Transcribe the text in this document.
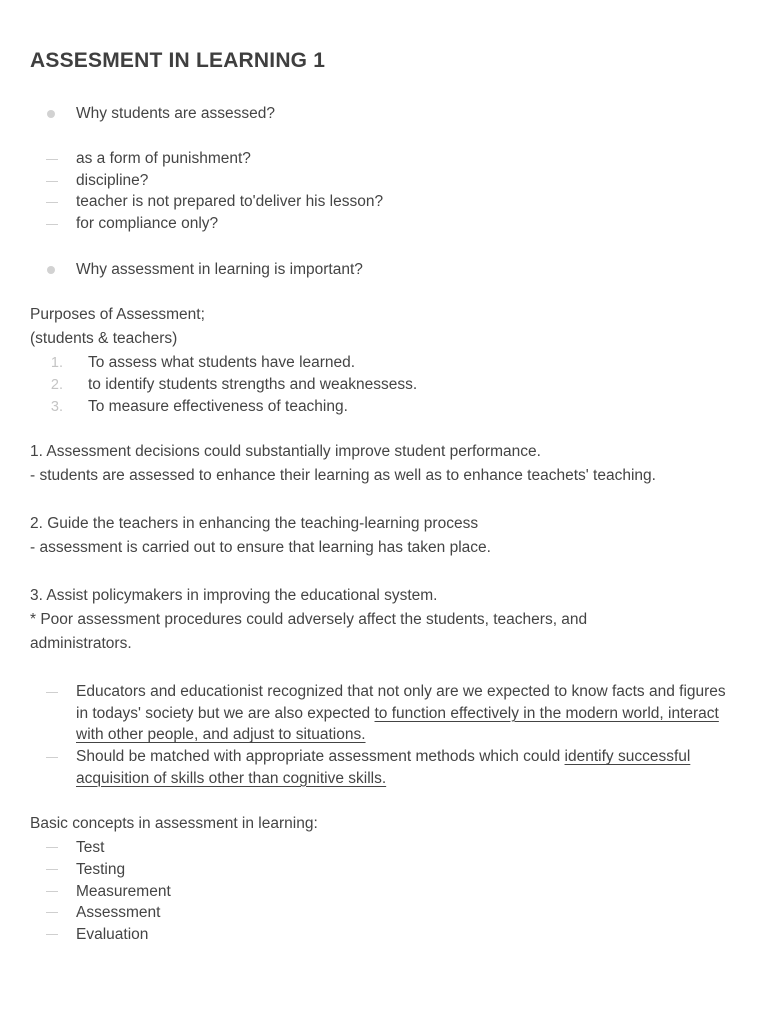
ASSESMENT IN LEARNING 1
Why students are assessed?
as a form of punishment?
discipline?
teacher is not prepared to'deliver his lesson?
for compliance only?
Why assessment in learning is important?
Purposes of Assessment;
(students & teachers)
1. To assess what students have learned.
2. to identify students strengths and weaknessess.
3. To measure effectiveness of teaching.
1. Assessment decisions could substantially improve student performance.
- students are assessed to enhance their learning as well as to enhance teachets' teaching.
2. Guide the teachers in enhancing the teaching-learning process
- assessment is carried out to ensure that learning has taken place.
3. Assist policymakers in improving the educational system.
* Poor assessment procedures could adversely affect the students, teachers, and
administrators.
Educators and educationist recognized that not only are we expected to know facts and figures in todays' society but we are also expected to function effectively in the modern world, interact with other people, and adjust to situations.
Should be matched with appropriate assessment methods which could identify successful acquisition of skills other than cognitive skills.
Basic concepts in assessment in learning:
Test
Testing
Measurement
Assessment
Evaluation
